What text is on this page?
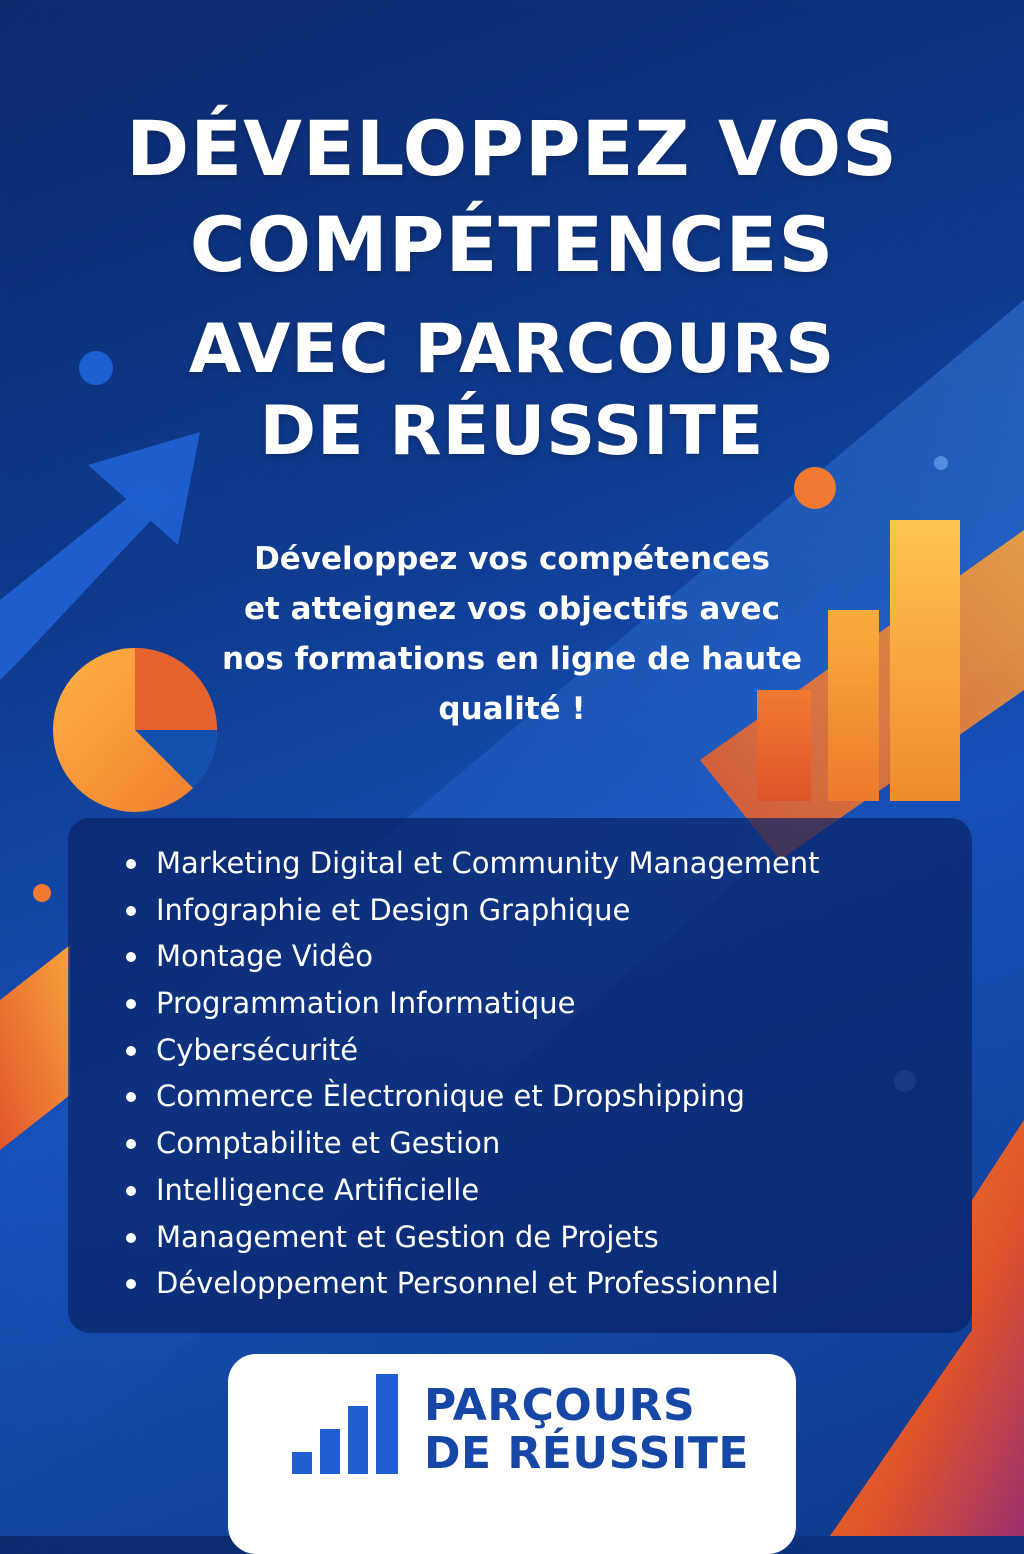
DÉVELOPPEZ VOS
COMPÉTENCES
AVEC PARCOURS
DE RÉUSSITE

Développez vos compétences
et atteignez vos objectifs avec
nos formations en ligne de haute
qualité !

Marketing Digital et Community Management
Infographie et Design Graphique
Montage Vidêo
Programmation Informatique
Cybersécurité
Commerce Èlectronique et Dropshipping
Comptabilite et Gestion
Intelligence Artificielle
Management et Gestion de Projets
Développement Personnel et Professionnel
PARÇOURS
DE RÉUSSITE
